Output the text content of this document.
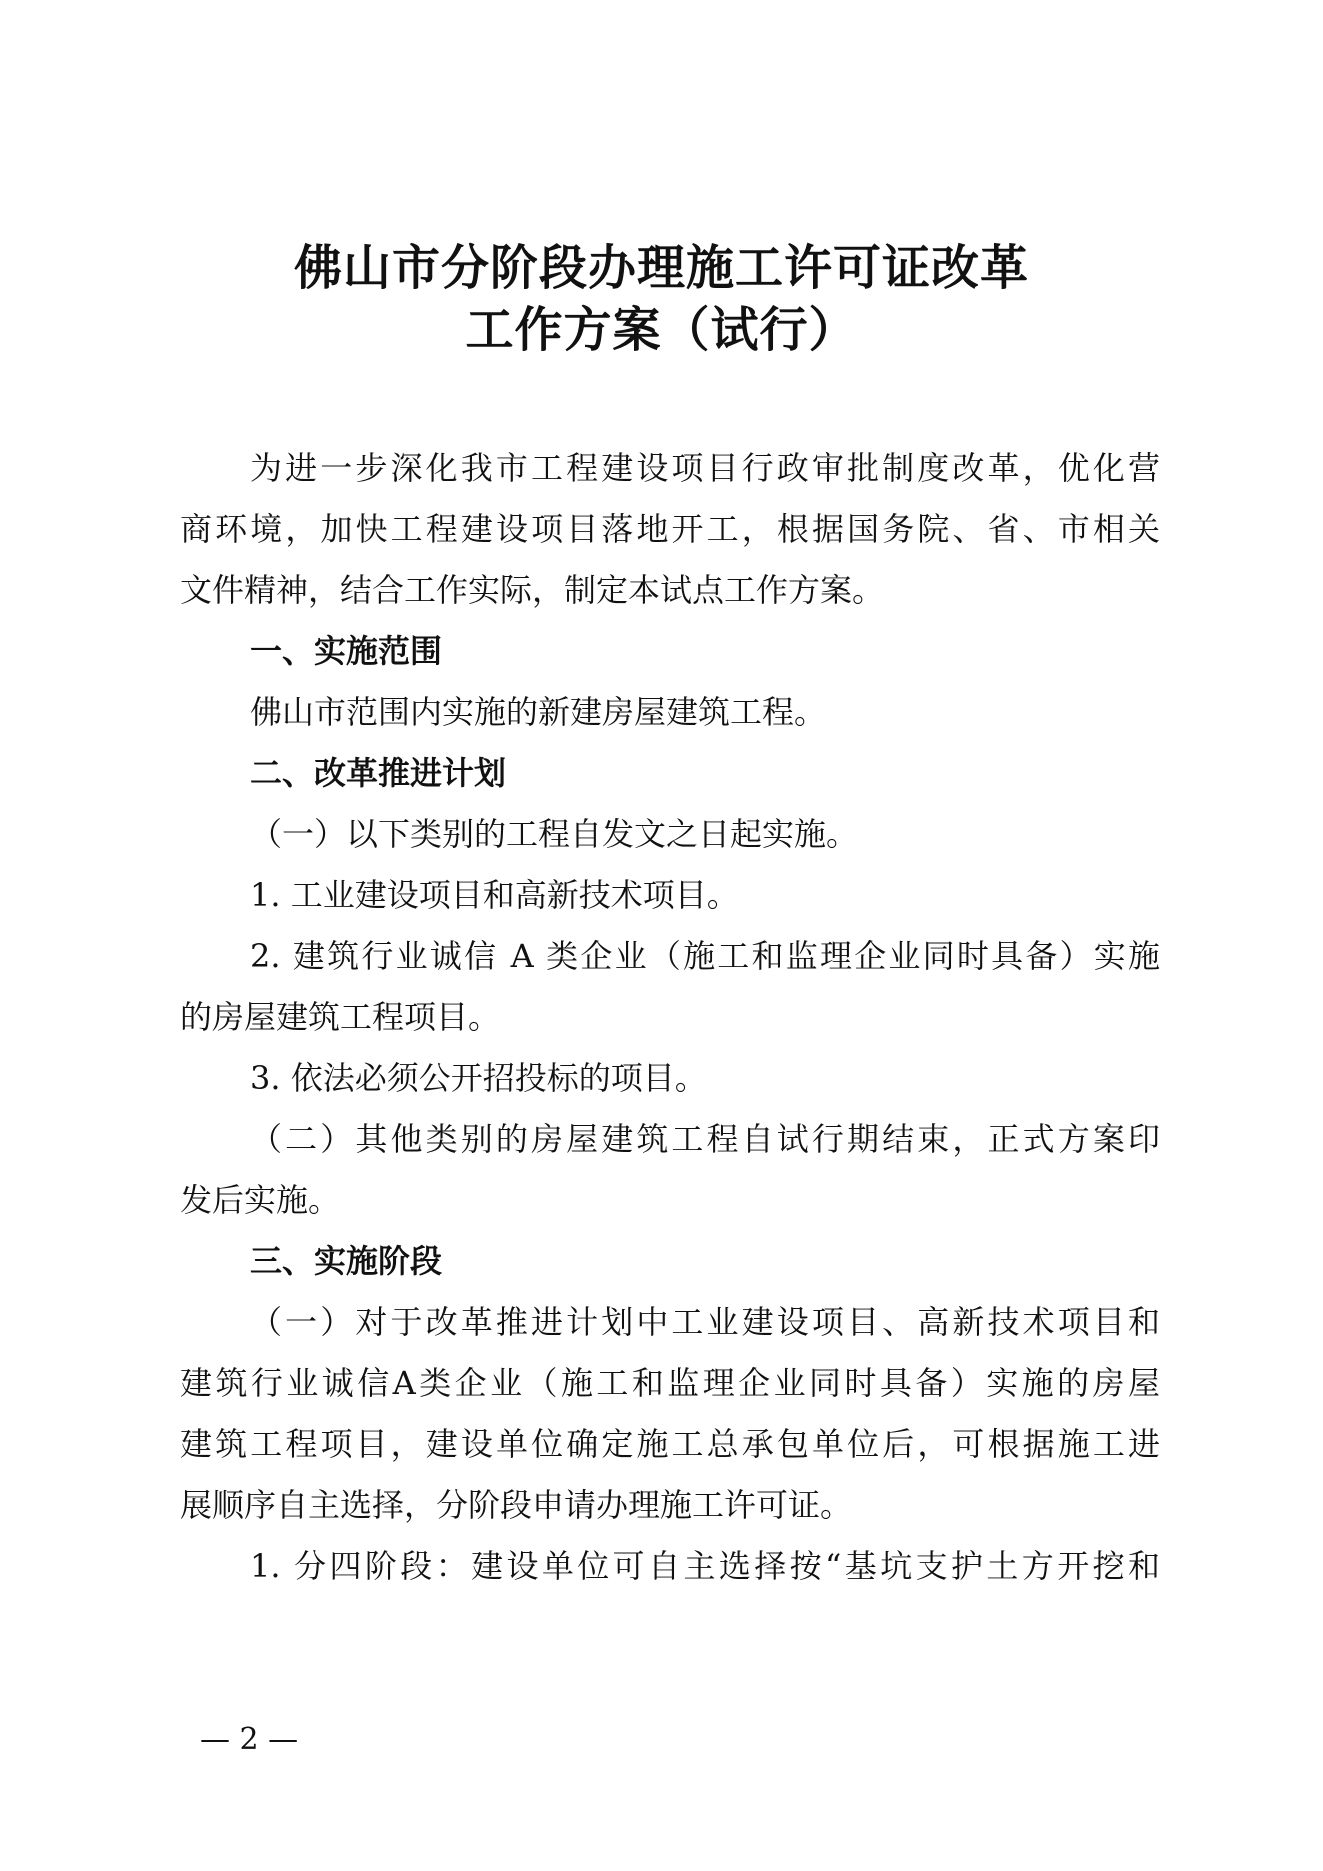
佛山市分阶段办理施工许可证改革
工作方案（试行）
为进一步深化我市工程建设项目行政审批制度改革，优化营
商环境，加快工程建设项目落地开工，根据国务院、省、市相关
文件精神，结合工作实际，制定本试点工作方案。
一、实施范围
佛山市范围内实施的新建房屋建筑工程。
二、改革推进计划
（一）以下类别的工程自发文之日起实施。
1. 工业建设项目和高新技术项目。
2. 建筑行业诚信 A 类企业（施工和监理企业同时具备）实施
的房屋建筑工程项目。
3. 依法必须公开招投标的项目。
（二）其他类别的房屋建筑工程自试行期结束，正式方案印
发后实施。
三、实施阶段
（一）对于改革推进计划中工业建设项目、高新技术项目和
建筑行业诚信A类企业（施工和监理企业同时具备）实施的房屋
建筑工程项目，建设单位确定施工总承包单位后，可根据施工进
展顺序自主选择，分阶段申请办理施工许可证。
1. 分四阶段：建设单位可自主选择按“基坑支护土方开挖和
— 2 —
